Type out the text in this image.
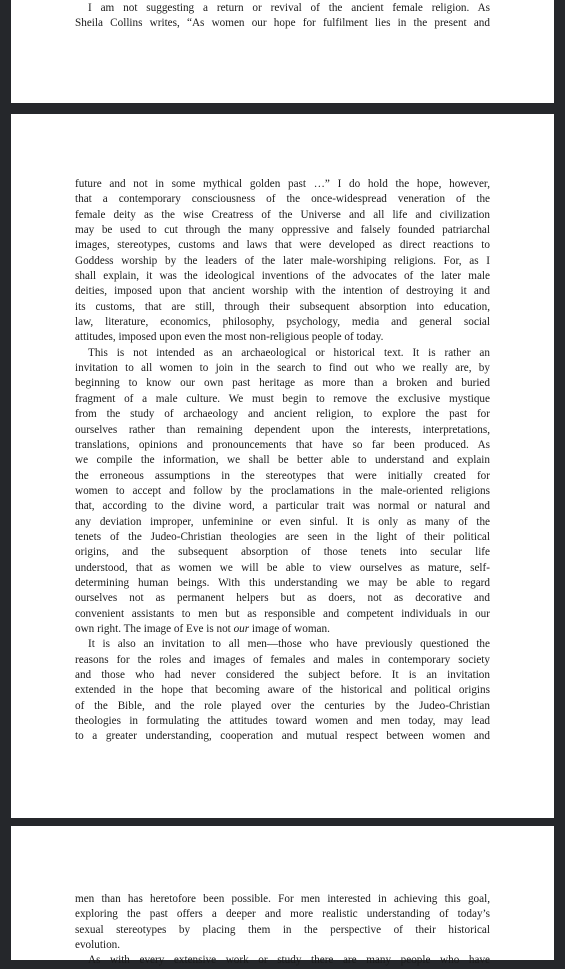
I am not suggesting a return or revival of the ancient female religion. As
Sheila Collins writes, “As women our hope for fulfilment lies in the present and

future and not in some mythical golden past …” I do hold the hope, however,
that a contemporary consciousness of the once-widespread veneration of the
female deity as the wise Creatress of the Universe and all life and civilization
may be used to cut through the many oppressive and falsely founded patriarchal
images, stereotypes, customs and laws that were developed as direct reactions to
Goddess worship by the leaders of the later male-worshiping religions. For, as I
shall explain, it was the ideological inventions of the advocates of the later male
deities, imposed upon that ancient worship with the intention of destroying it and
its customs, that are still, through their subsequent absorption into education,
law, literature, economics, philosophy, psychology, media and general social
attitudes, imposed upon even the most non-religious people of today.

This is not intended as an archaeological or historical text. It is rather an
invitation to all women to join in the search to find out who we really are, by
beginning to know our own past heritage as more than a broken and buried
fragment of a male culture. We must begin to remove the exclusive mystique
from the study of archaeology and ancient religion, to explore the past for
ourselves rather than remaining dependent upon the interests, interpretations,
translations, opinions and pronouncements that have so far been produced. As
we compile the information, we shall be better able to understand and explain
the erroneous assumptions in the stereotypes that were initially created for
women to accept and follow by the proclamations in the male-oriented religions
that, according to the divine word, a particular trait was normal or natural and
any deviation improper, unfeminine or even sinful. It is only as many of the
tenets of the Judeo-Christian theologies are seen in the light of their political
origins, and the subsequent absorption of those tenets into secular life
understood, that as women we will be able to view ourselves as mature, self-
determining human beings. With this understanding we may be able to regard
ourselves not as permanent helpers but as doers, not as decorative and
convenient assistants to men but as responsible and competent individuals in our
own right. The image of Eve is not our image of woman.

It is also an invitation to all men—those who have previously questioned the
reasons for the roles and images of females and males in contemporary society
and those who had never considered the subject before. It is an invitation
extended in the hope that becoming aware of the historical and political origins
of the Bible, and the role played over the centuries by the Judeo-Christian
theologies in formulating the attitudes toward women and men today, may lead
to a greater understanding, cooperation and mutual respect between women and

men than has heretofore been possible. For men interested in achieving this goal,
exploring the past offers a deeper and more realistic understanding of today’s
sexual stereotypes by placing them in the perspective of their historical
evolution.

As with every extensive work or study there are many people who have
